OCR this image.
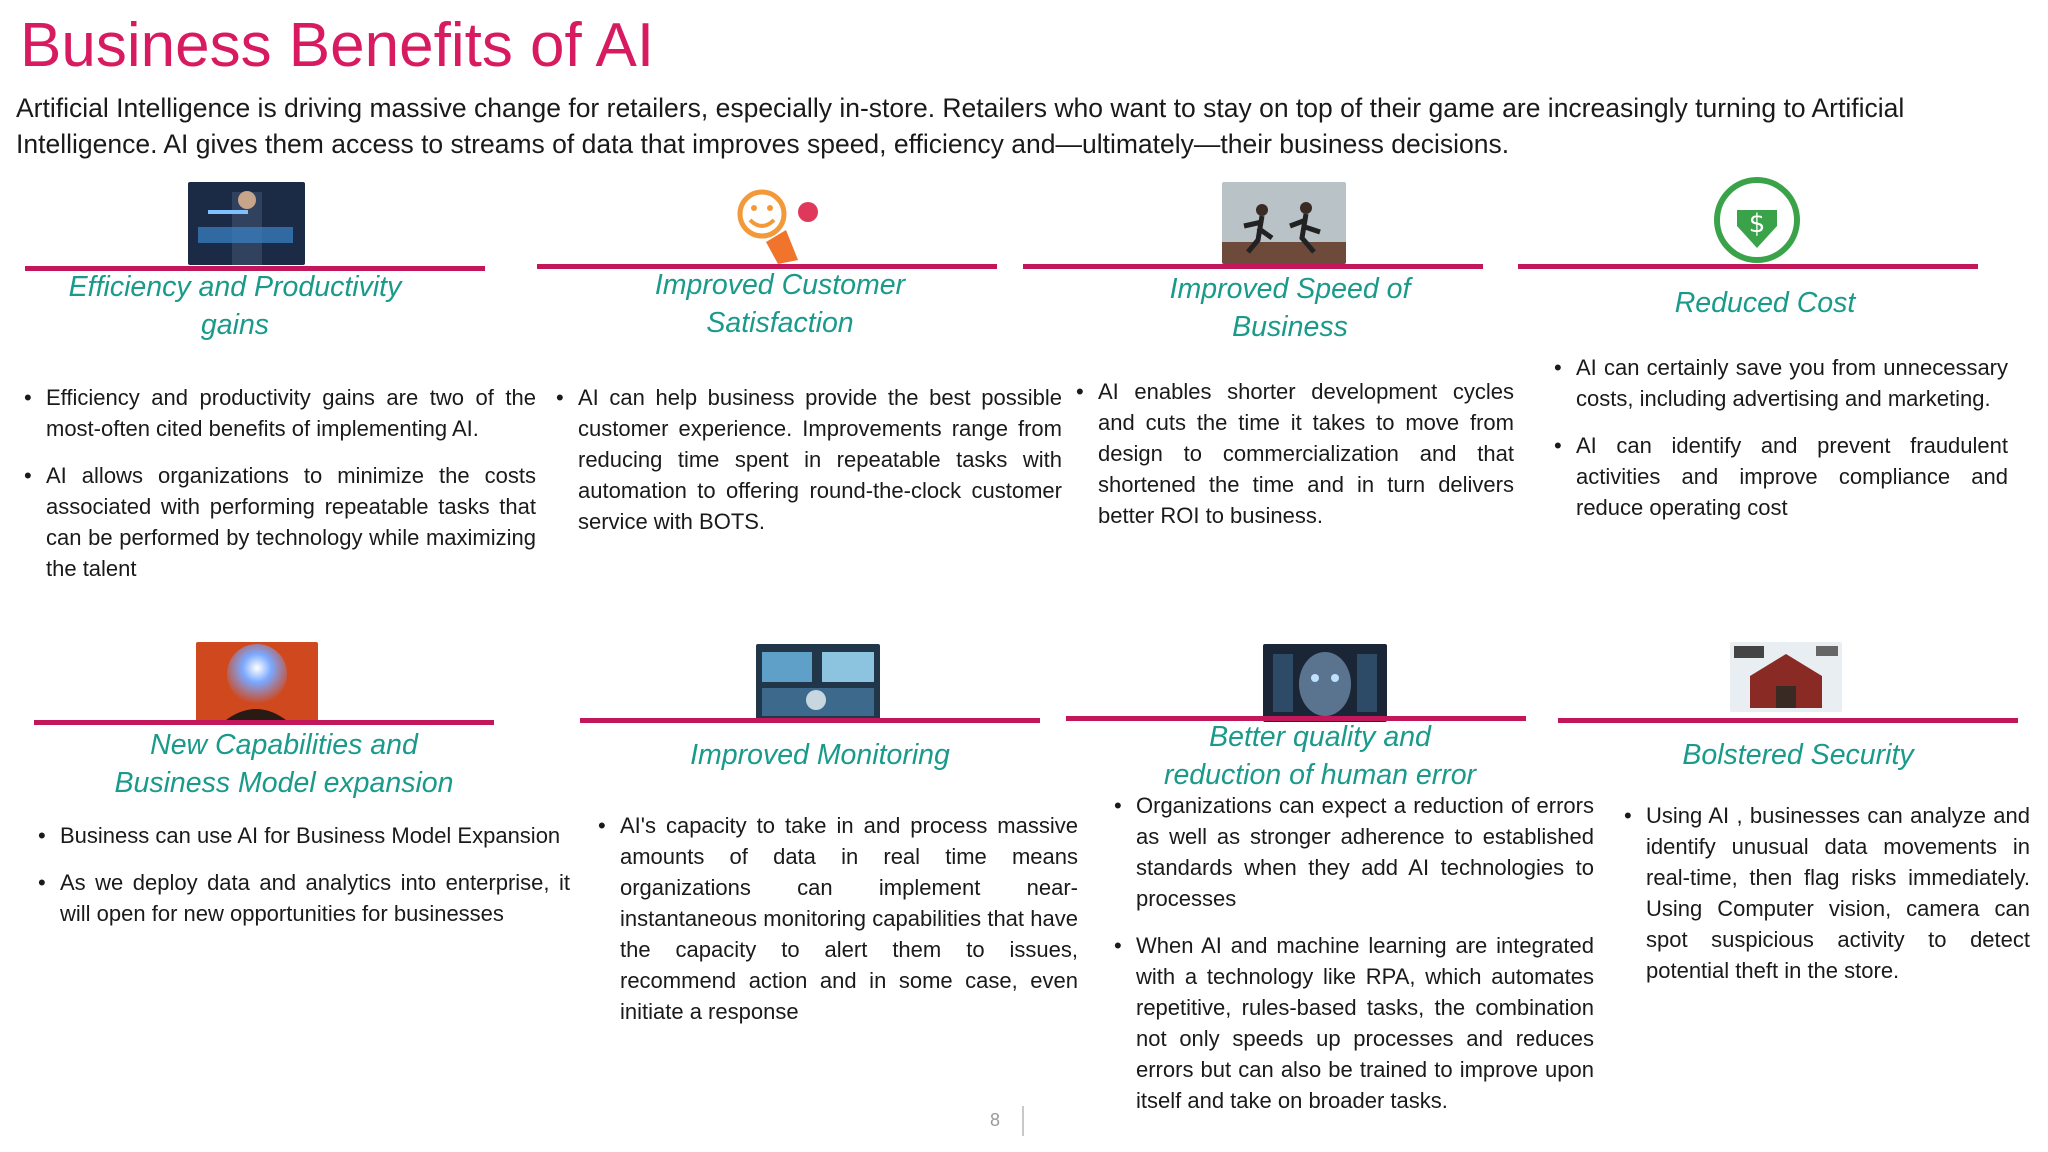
Business Benefits of AI

Artificial Intelligence is driving massive change for retailers, especially in-store. Retailers who want to stay on top of their game are increasingly turning to Artificial Intelligence. AI gives them access to streams of data that improves speed, efficiency and—ultimately—their business decisions.

Efficiency and Productivity
gains
• Efficiency and productivity gains are two of the most-often cited benefits of implementing AI.
• AI allows organizations to minimize the costs associated with performing repeatable tasks that can be performed by technology while maximizing the talent
Improved Customer
Satisfaction
• AI can help business provide the best possible customer experience. Improvements range from reducing time spent in repeatable tasks with automation to offering round-the-clock customer service with BOTS.
Improved Speed of
Business
• AI enables shorter development cycles and cuts the time it takes to move from design to commercialization and that shortened the time and in turn delivers better ROI to business.
$
Reduced Cost
• AI can certainly save you from unnecessary costs, including advertising and marketing.
• AI can identify and prevent fraudulent activities and improve compliance and reduce operating cost
New Capabilities and
Business Model expansion
• Business can use AI for Business Model Expansion
• As we deploy data and analytics into enterprise, it will open for new opportunities for businesses
Improved Monitoring
• AI's capacity to take in and process massive amounts of data in real time means organizations can implement near-instantaneous monitoring capabilities that have the capacity to alert them to issues, recommend action and in some case, even initiate a response
Better quality and
reduction of human error
• Organizations can expect a reduction of errors as well as stronger adherence to established standards when they add AI technologies to processes
• When AI and machine learning are integrated with a technology like RPA, which automates repetitive, rules-based tasks, the combination not only speeds up processes and reduces errors but can also be trained to improve upon itself and take on broader tasks.
Bolstered Security
• Using AI , businesses can analyze and identify unusual data movements in real-time, then flag risks immediately. Using Computer vision, camera can spot suspicious activity to detect potential theft in the store.
8
